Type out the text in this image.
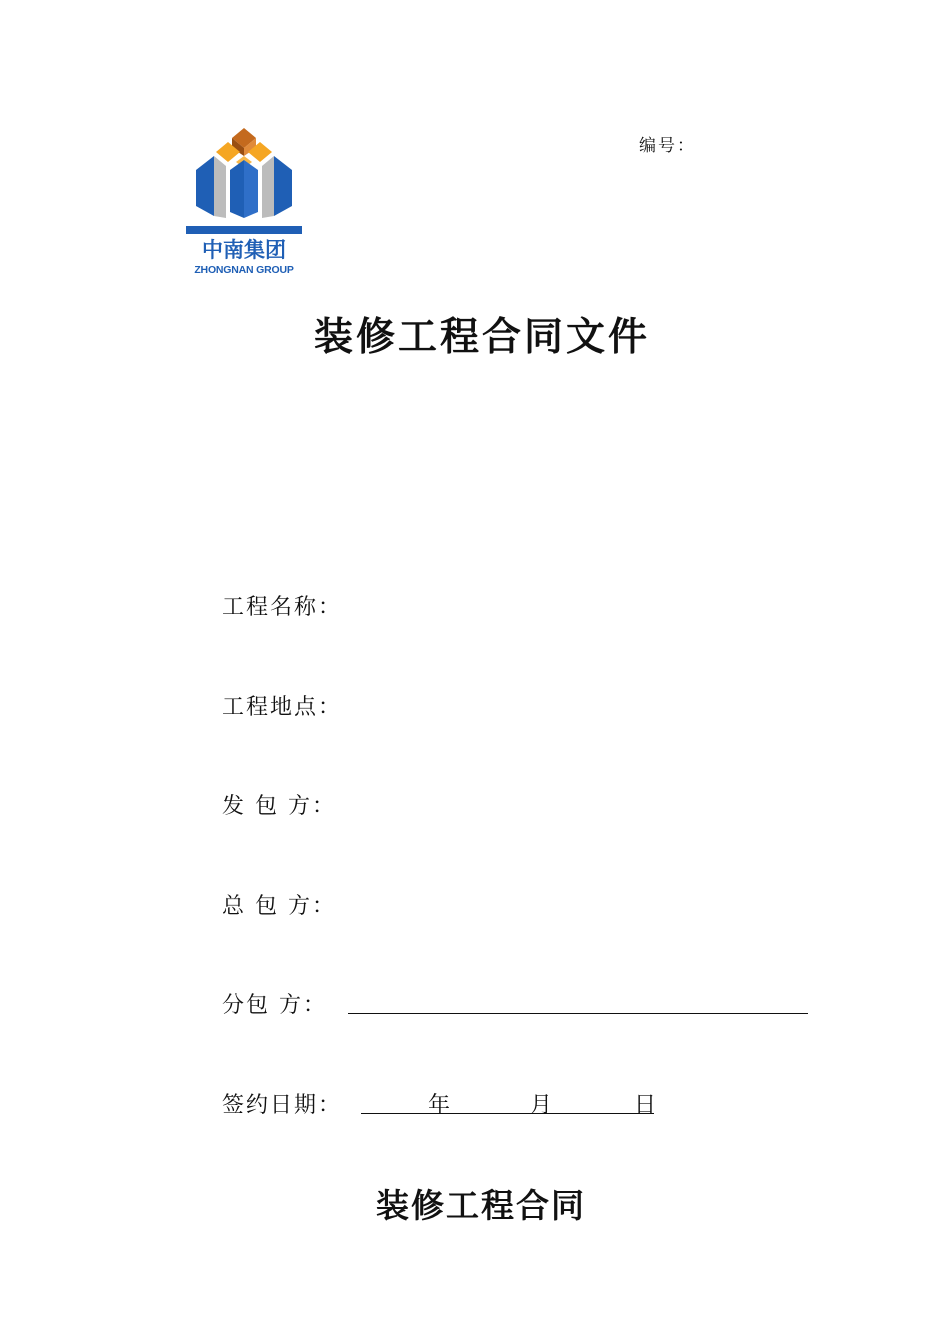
中南集团
ZHONGNAN GROUP
编号：
装修工程合同文件
工程名称：
工程地点：
发 包 方：
总 包 方：
分包 方：
签约日期：	年	月	日
装修工程合同
